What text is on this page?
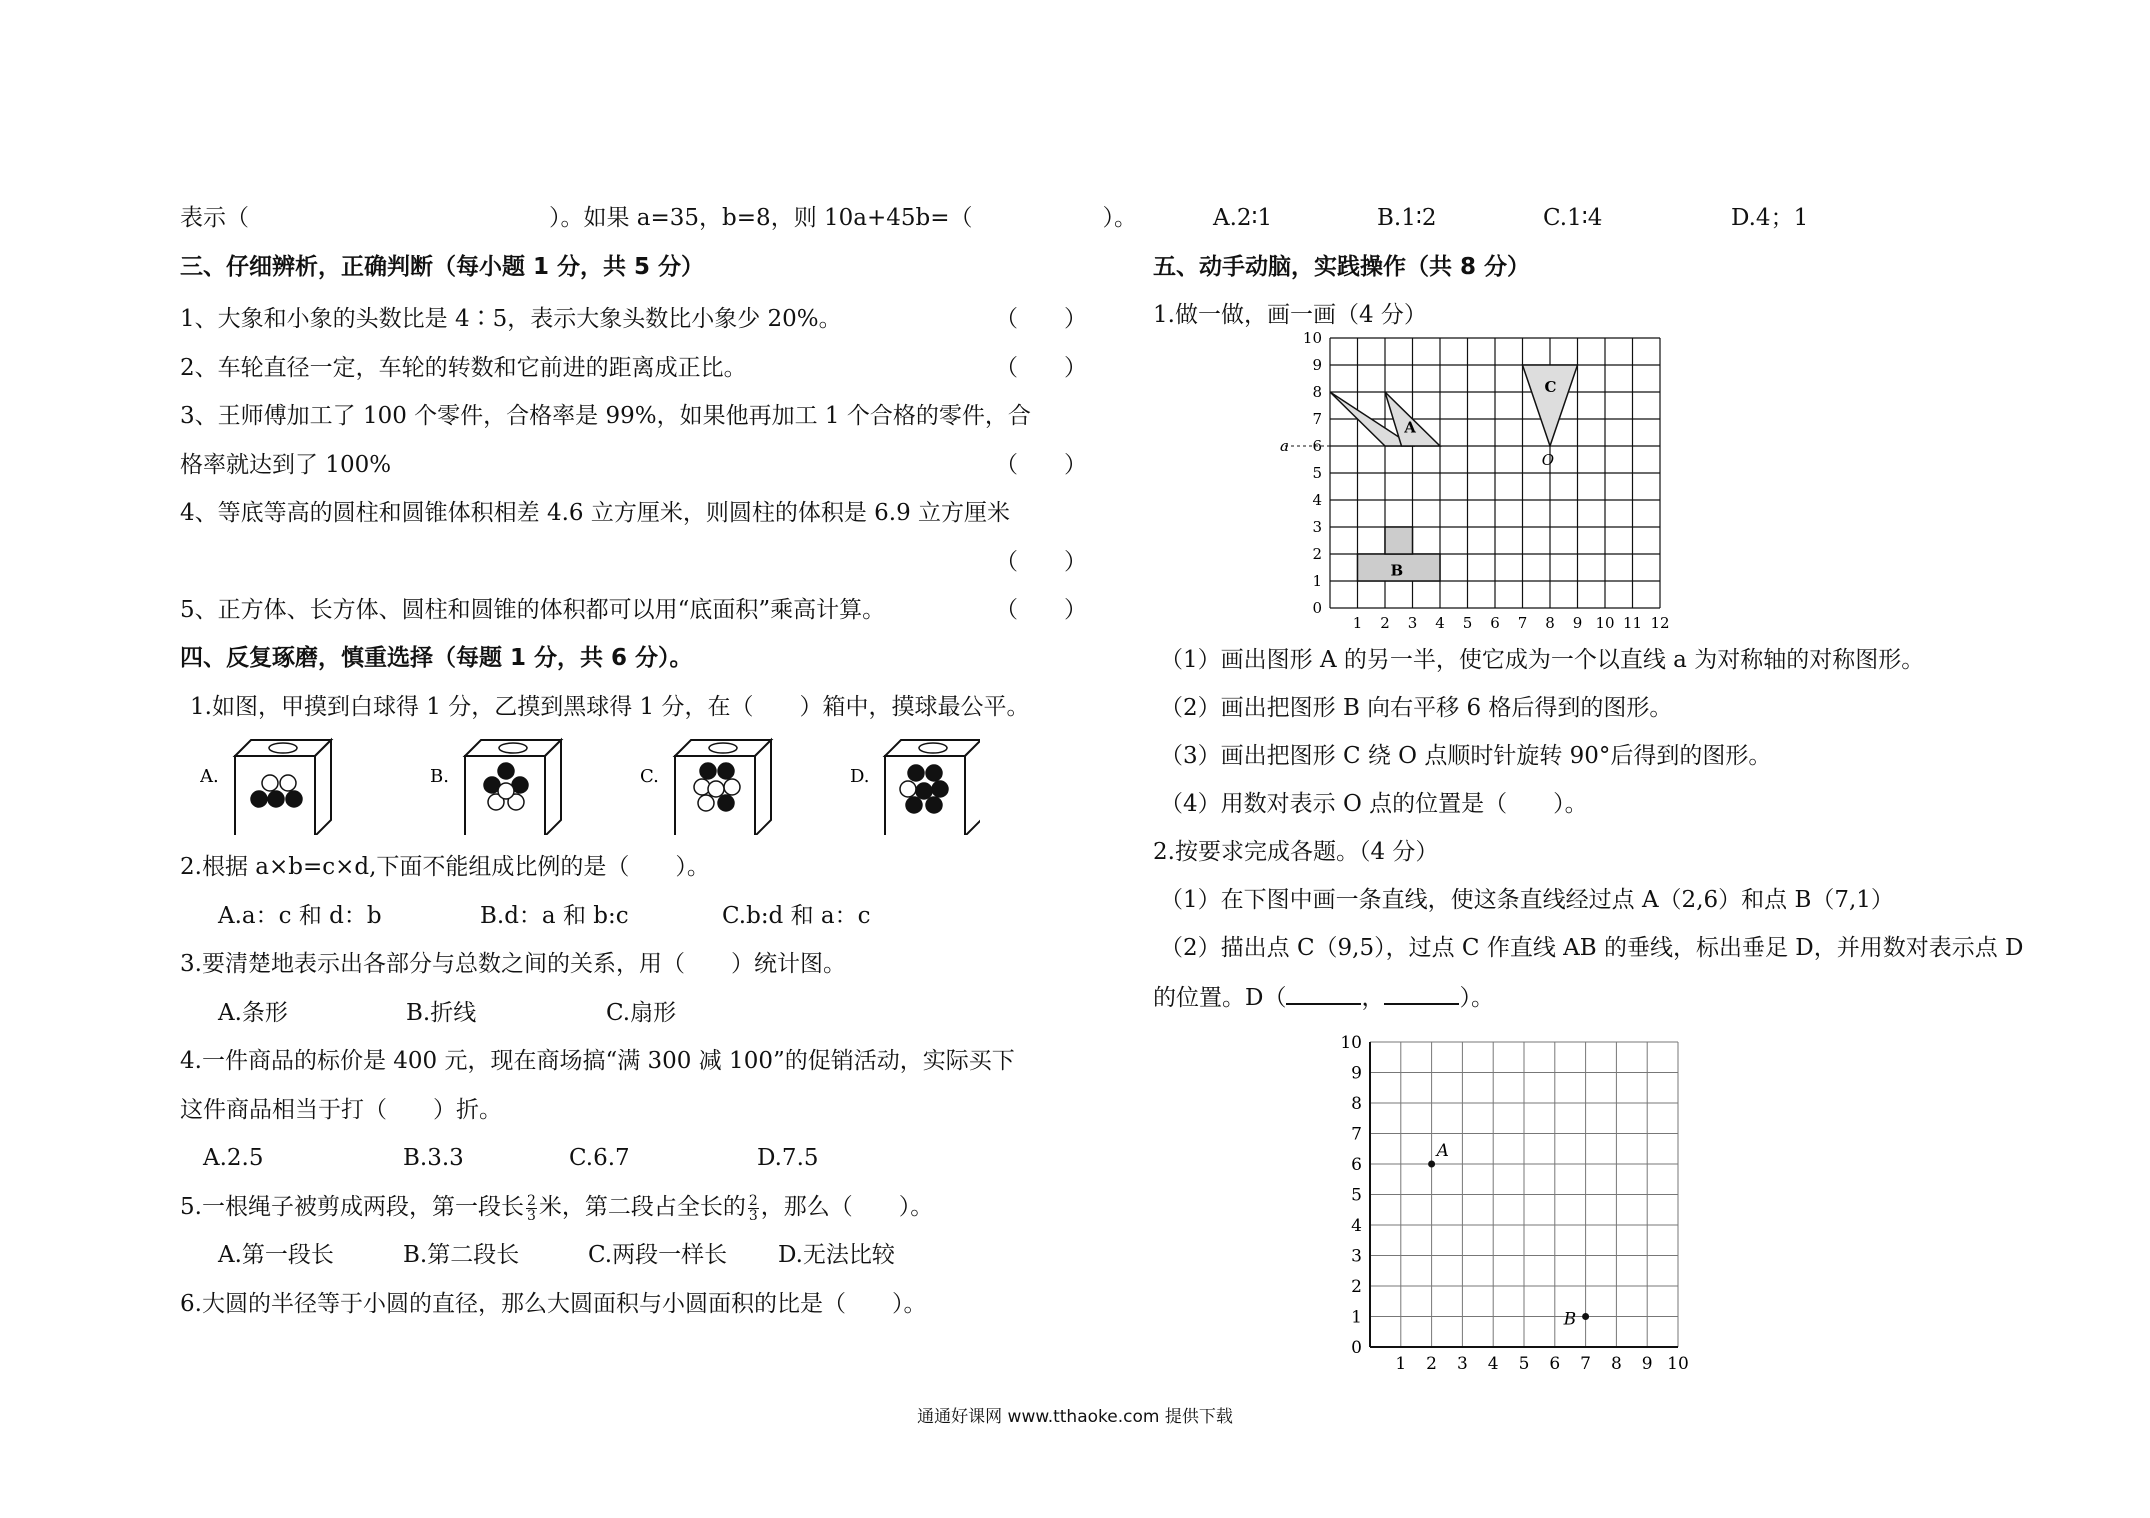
表示（	）。如果 a=35，b=8，则 10a+45b=（	）。
三、仔细辨析，正确判断（每小题 1 分，共 5 分）
1、大象和小象的头数比是 4∶5，表示大象头数比小象少 20%。	（　　）
2、车轮直径一定，车轮的转数和它前进的距离成正比。	（　　）
3、王师傅加工了 100 个零件，合格率是 99%，如果他再加工 1 个合格的零件，合
格率就达到了 100%	（　　）
4、等底等高的圆柱和圆锥体积相差 4.6 立方厘米，则圆柱的体积是 6.9 立方厘米
（　　）
5、正方体、长方体、圆柱和圆锥的体积都可以用“底面积”乘高计算。	（　　）
四、反复琢磨，慎重选择（每题 1 分，共 6 分）。
1.如图，甲摸到白球得 1 分，乙摸到黑球得 1 分，在（　　）箱中，摸球最公平。
A.	B.	C.	D.
2.根据 a×b=c×d,下面不能组成比例的是（　　）。
A.a：c 和 d：b	B.d：a 和 b:c	C.b:d 和 a：c
3.要清楚地表示出各部分与总数之间的关系，用（　　）统计图。
A.条形	B.折线	C.扇形
4.一件商品的标价是 400 元，现在商场搞“满 300 减 100”的促销活动，实际买下
这件商品相当于打（　　）折。
A.2.5	B.3.3	C.6.7	D.7.5
5.一根绳子被剪成两段，第一段长 $\frac{2}{3}$ 米，第二段占全长的 $\frac{2}{3}$ ，那么（　　）。
A.第一段长	B.第二段长	C.两段一样长 D.无法比较
6.大圆的半径等于小圆的直径，那么大圆面积与小圆面积的比是（　　）。
A.2∶1	B.1∶2	C.1∶4	D.4；1
五、动手动脑，实践操作（共 8 分）
1.做一做，画一画（4 分）
10
9
8
7
6
5
4
3
2
1
0
1 2 3 4 5 6 7 8 9 10 11 12
a
A
B
C
O
（1）画出图形 A 的另一半，使它成为一个以直线 a 为对称轴的对称图形。
（2）画出把图形 B 向右平移 6 格后得到的图形。
（3）画出把图形 C 绕 O 点顺时针旋转 90°后得到的图形。
（4）用数对表示 O 点的位置是（　　）。
2.按要求完成各题。（4 分）
（1）在下图中画一条直线，使这条直线经过点 A（2,6）和点 B（7,1）
（2）描出点 C（9,5），过点 C 作直线 AB 的垂线，标出垂足 D，并用数对表示点 D
的位置。D（	，	）。
10
9
8
7
6
5
4
3
2
1
0
1 2 3 4 5 6 7 8 9 10
A
B
通通好课网 www.tthaoke.com 提供下载
